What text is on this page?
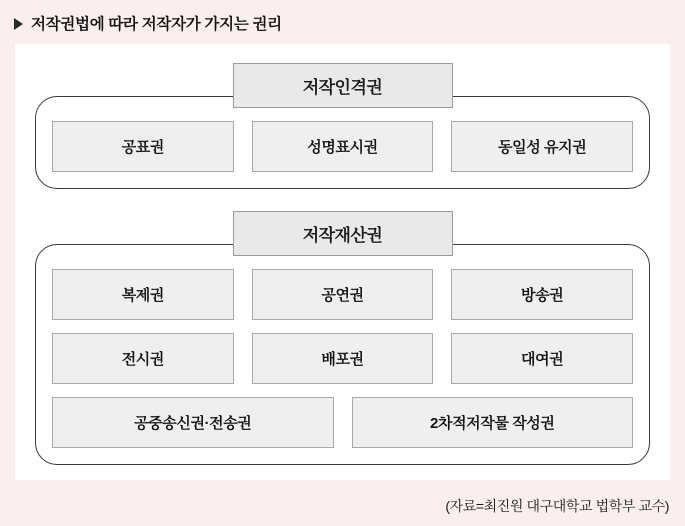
저작권법에 따라 저작자가 가지는 권리
저작인격권
공표권	성명표시권	동일성 유지권
저작재산권
복제권	공연권	방송권
전시권	배포권	대여권
공중송신권·전송권	2차적저작물 작성권
(자료=최진원 대구대학교 법학부 교수)
